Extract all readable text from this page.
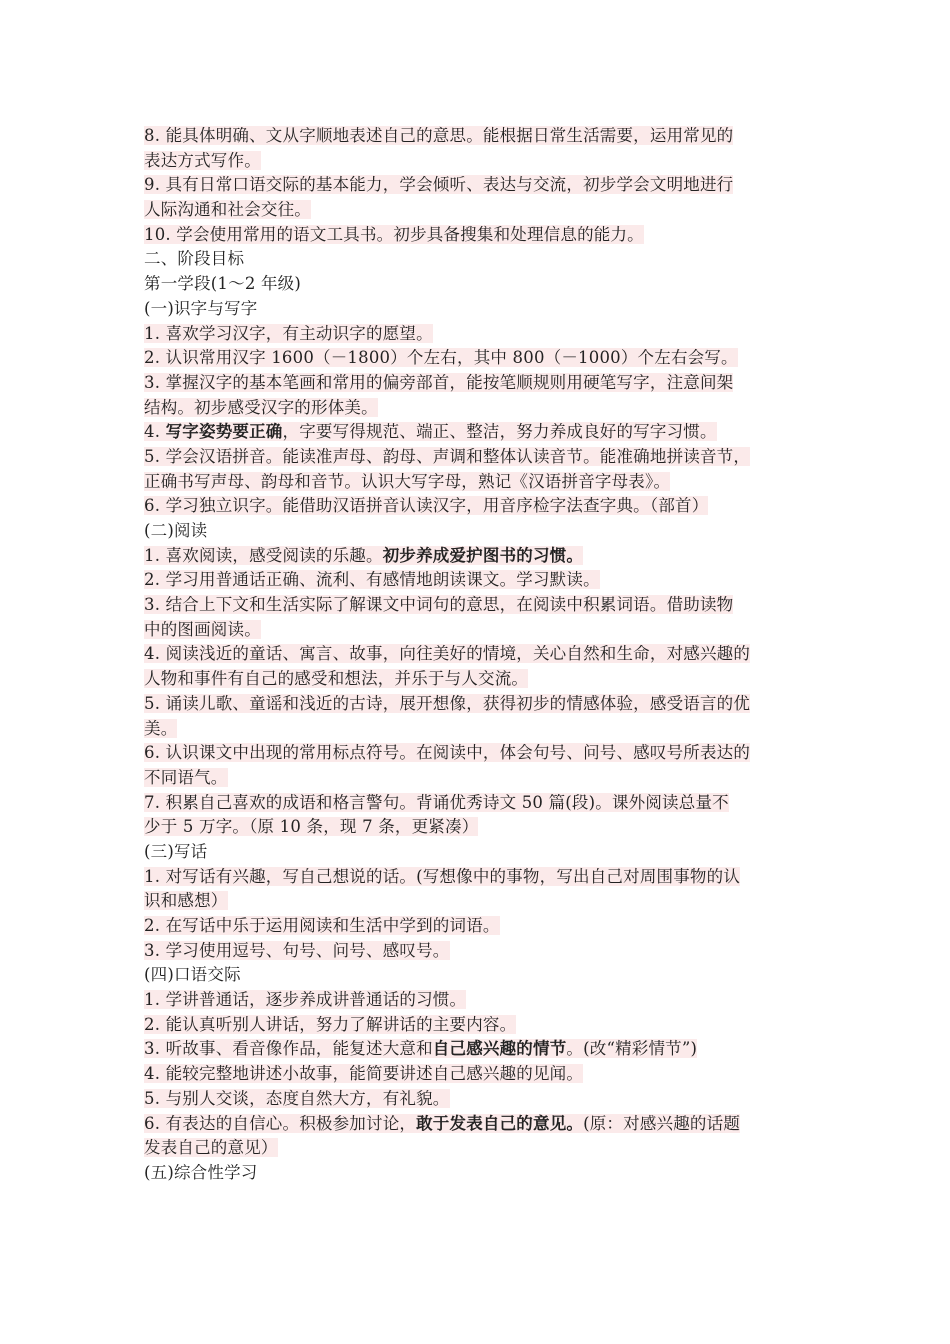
8. 能具体明确、文从字顺地表述自己的意思。能根据日常生活需要，运用常见的
表达方式写作。
9. 具有日常口语交际的基本能力，学会倾听、表达与交流，初步学会文明地进行
人际沟通和社会交往。
10. 学会使用常用的语文工具书。初步具备搜集和处理信息的能力。
二、阶段目标
第一学段(1～2 年级)
(一)识字与写字
1. 喜欢学习汉字，有主动识字的愿望。
2. 认识常用汉字 1600（－1800）个左右，其中 800（－1000）个左右会写。
3. 掌握汉字的基本笔画和常用的偏旁部首，能按笔顺规则用硬笔写字，注意间架
结构。初步感受汉字的形体美。
4. 写字姿势要正确，字要写得规范、端正、整洁，努力养成良好的写字习惯。
5. 学会汉语拼音。能读准声母、韵母、声调和整体认读音节。能准确地拼读音节，
正确书写声母、韵母和音节。认识大写字母，熟记《汉语拼音字母表》。
6. 学习独立识字。能借助汉语拼音认读汉字，用音序检字法查字典。（部首）
(二)阅读
1. 喜欢阅读，感受阅读的乐趣。初步养成爱护图书的习惯。
2. 学习用普通话正确、流利、有感情地朗读课文。学习默读。
3. 结合上下文和生活实际了解课文中词句的意思，在阅读中积累词语。借助读物
中的图画阅读。
4. 阅读浅近的童话、寓言、故事，向往美好的情境，关心自然和生命，对感兴趣的
人物和事件有自己的感受和想法，并乐于与人交流。
5. 诵读儿歌、童谣和浅近的古诗，展开想像，获得初步的情感体验，感受语言的优
美。
6. 认识课文中出现的常用标点符号。在阅读中，体会句号、问号、感叹号所表达的
不同语气。
7. 积累自己喜欢的成语和格言警句。背诵优秀诗文 50 篇(段)。课外阅读总量不
少于 5 万字。（原 10 条，现 7 条，更紧凑）
(三)写话
1. 对写话有兴趣，写自己想说的话。(写想像中的事物，写出自己对周围事物的认
识和感想）
2. 在写话中乐于运用阅读和生活中学到的词语。
3. 学习使用逗号、句号、问号、感叹号。
(四)口语交际
1. 学讲普通话，逐步养成讲普通话的习惯。
2. 能认真听别人讲话，努力了解讲话的主要内容。
3. 听故事、看音像作品，能复述大意和自己感兴趣的情节。(改“精彩情节”)
4. 能较完整地讲述小故事，能简要讲述自己感兴趣的见闻。
5. 与别人交谈，态度自然大方，有礼貌。
6. 有表达的自信心。积极参加讨论，敢于发表自己的意见。(原：对感兴趣的话题
发表自己的意见）
(五)综合性学习
